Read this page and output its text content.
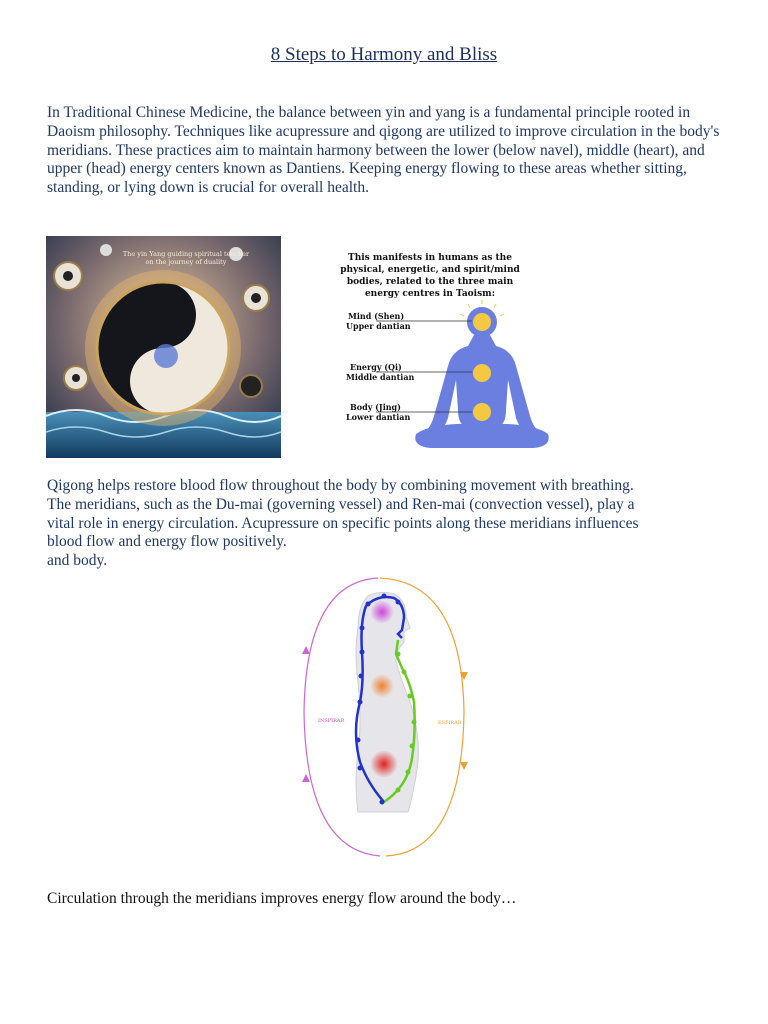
8 Steps to Harmony and Bliss

In Traditional Chinese Medicine, the balance between yin and yang is a fundamental principle rooted in Daoism philosophy. Techniques like acupressure and qigong are utilized to improve circulation in the body's meridians. These practices aim to maintain harmony between the lower (below navel), middle (heart), and upper (head) energy centers known as Dantiens. Keeping energy flowing to these areas whether sitting, standing, or lying down is crucial for overall health.

The yin Yang guiding spiritual teacher
on the journey of duality	This manifests in humans as the
physical, energetic, and spirit/mind
bodies, related to the three main
energy centres in Taoism:
Mind (Shen)
Upper dantian
Energy (Qi)
Middle dantian
Body (Jing)
Lower dantian
Qigong helps restore blood flow throughout the body by combining movement with breathing.
The meridians, such as the Du-mai (governing vessel) and Ren-mai (convection vessel), play a
vital role in energy circulation. Acupressure on specific points along these meridians influences
blood flow and energy flow positively.
and body.
INSPIRAR	ESPIRAR
Circulation through the meridians improves energy flow around the body…
